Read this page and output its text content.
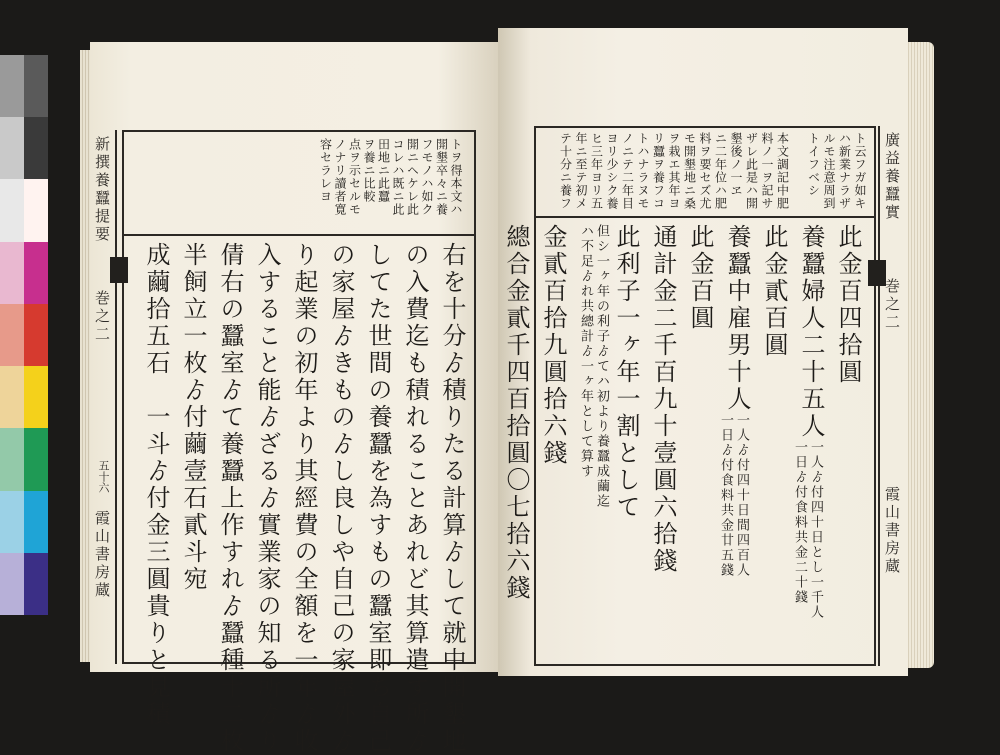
新撰養蠶提要
巻之二
五十六
霞山書房蔵
トヲ得本文ハ
開墾卒々ニ養
フモノハ如ク
開ニヘケレ此
コレハ既ニ此
田地ニ此蠶
ヲ養ニ比較
点ヲ示セルモ
ノナリ讀者寛
容セラレヨ
右を十分ゟ積りたる計算ゟして就中開墾地
の入費迄も積れることあれど其算遣す所ゟ
してた世間の養蠶を為すもの蠶室即ち自己
の家屋ゟきものゟし良しや自己の家屋外ゟ
り起業の初年より其經費の全額を一年ゟ收
入すること能ゟざるゟ實業家の知る所ゟり
倩右の蠶室ゟて養蠶上作すれゟ蠶種十二枚
半飼立一枚ゟ付繭壹石貳斗宛
成繭拾五石　一斗ゟ付金三圓貴りと見積
廣益養蠶實
巻之二
霞山書房蔵
ト云フガ如キ
ハ新業ナラザ
ルモ注意周到
トイフベシ
本文調記中肥
料ノ一ヲ記サ
ザレ此是ハ開
墾後ノ一ヱ
ニ二年位ハ肥
料ヲ要セズ尤
モ開墾地ニ桑
ヲ栽エ其年ヨ
リ蠶ヲ養フコ
トハナラヌモ
ノニテ二年目
ヨリ少シク養
ヒ三年ヨリ五
年ニ至テ初メ
テ十分ニ養フ
此金百四拾圓
養蠶婦人二十五人
一人ゟ付四十日とし一千人
一日ゟ付食料共金二十錢
此金貳百圓
養蠶中雇男十人
一人ゟ付四十日間四百人
一日ゟ付食料共金廿五錢
此金百圓
通計金二千百九十壹圓六拾錢
此利子一ヶ年一割として
但シ一ヶ年の利子ゟてハ初より養蠶成繭迄
ハ不足ゟれ共總計ゟ一ヶ年として算す
金貳百拾九圓拾六錢
總合金貳千四百拾圓〇七拾六錢
